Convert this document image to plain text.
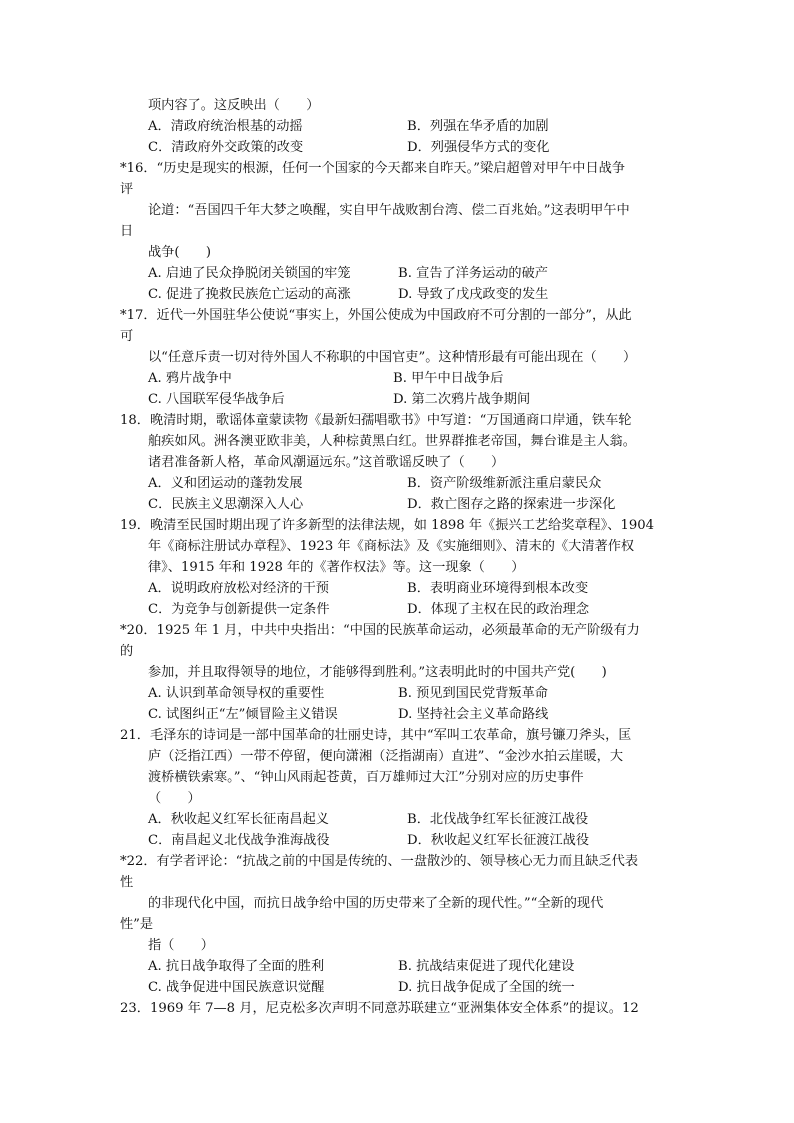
项内容了。这反映出（　　）
A．清政府统治根基的动摇	B．列强在华矛盾的加剧
C．清政府外交政策的改变	D．列强侵华方式的变化
*16．“历史是现实的根源，任何一个国家的今天都来自昨天。”梁启超曾对甲午中日战争
评
论道：“吾国四千年大梦之唤醒，实自甲午战败割台湾、偿二百兆始。”这表明甲午中
日
战争(　　)
A. 启迪了民众挣脱闭关锁国的牢笼	B. 宣告了洋务运动的破产
C. 促进了挽救民族危亡运动的高涨	D. 导致了戊戌政变的发生
*17．近代一外国驻华公使说“事实上，外国公使成为中国政府不可分割的一部分”，从此
可
以“任意斥责一切对待外国人不称职的中国官吏”。这种情形最有可能出现在（　　）
A. 鸦片战争中	B. 甲午中日战争后
C. 八国联军侵华战争后	D. 第二次鸦片战争期间
18．晚清时期，歌谣体童蒙读物《最新妇孺唱歌书》中写道：“万国通商口岸通，铁车轮
舶疾如风。洲各澳亚欧非美，人种棕黄黑白红。世界群推老帝国，舞台谁是主人翁。
诸君准备新人格，革命风潮逼远东。”这首歌谣反映了（　　）
A．义和团运动的蓬勃发展	B．资产阶级维新派注重启蒙民众
C．民族主义思潮深入人心	D．救亡图存之路的探索进一步深化
19．晚清至民国时期出现了许多新型的法律法规，如 1898 年《振兴工艺给奖章程》、1904
年《商标注册试办章程》、1923 年《商标法》及《实施细则》、清末的《大清著作权
律》、1915 年和 1928 年的《著作权法》等。这一现象（　　）
A．说明政府放松对经济的干预	B．表明商业环境得到根本改变
C．为竞争与创新提供一定条件	D．体现了主权在民的政治理念
*20．1925 年 1 月，中共中央指出：“中国的民族革命运动，必须最革命的无产阶级有力
的
参加，并且取得领导的地位，才能够得到胜利。”这表明此时的中国共产党(　　)
A. 认识到革命领导权的重要性	B. 预见到国民党背叛革命
C. 试图纠正“左”倾冒险主义错误	D. 坚持社会主义革命路线
21．毛泽东的诗词是一部中国革命的壮丽史诗，其中“军叫工农革命，旗号镰刀斧头，匡
庐（泛指江西）一带不停留，便向潇湘（泛指湖南）直进”、“金沙水拍云崖暖，大
渡桥横铁索寒。”、“钟山风雨起苍黄，百万雄师过大江”分别对应的历史事件
（　　）
A．秋收起义红军长征南昌起义	B．北伐战争红军长征渡江战役
C．南昌起义北伐战争淮海战役	D．秋收起义红军长征渡江战役
*22．有学者评论：“抗战之前的中国是传统的、一盘散沙的、领导核心无力而且缺乏代表
性
的非现代化中国，而抗日战争给中国的历史带来了全新的现代性。”“全新的现代
性”是
指（　　）
A. 抗日战争取得了全面的胜利	B. 抗战结束促进了现代化建设
C. 战争促进中国民族意识觉醒	D. 抗日战争促成了全国的统一
23．1969 年 7—8 月，尼克松多次声明不同意苏联建立“亚洲集体安全体系”的提议。12
